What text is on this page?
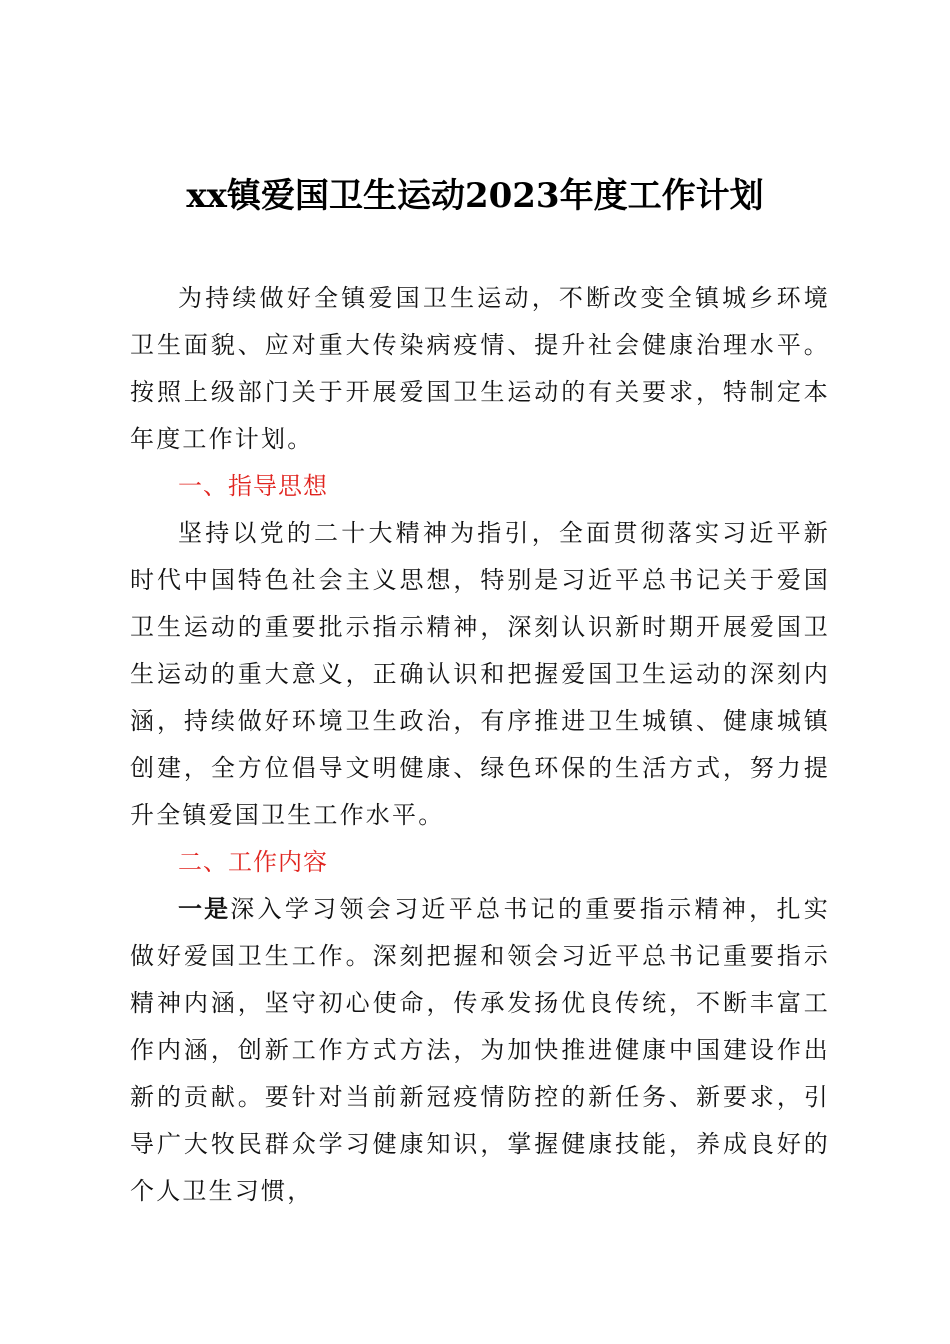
xx镇爱国卫生运动2023年度工作计划

为持续做好全镇爱国卫生运动，不断改变全镇城乡环境卫生面貌、应对重大传染病疫情、提升社会健康治理水平。按照上级部门关于开展爱国卫生运动的有关要求，特制定本年度工作计划。

一、指导思想

坚持以党的二十大精神为指引，全面贯彻落实习近平新时代中国特色社会主义思想，特别是习近平总书记关于爱国卫生运动的重要批示指示精神，深刻认识新时期开展爱国卫生运动的重大意义，正确认识和把握爱国卫生运动的深刻内涵，持续做好环境卫生政治，有序推进卫生城镇、健康城镇创建，全方位倡导文明健康、绿色环保的生活方式，努力提升全镇爱国卫生工作水平。

二、工作内容

一是深入学习领会习近平总书记的重要指示精神，扎实做好爱国卫生工作。深刻把握和领会习近平总书记重要指示精神内涵，坚守初心使命，传承发扬优良传统，不断丰富工作内涵，创新工作方式方法，为加快推进健康中国建设作出新的贡献。要针对当前新冠疫情防控的新任务、新要求，引导广大牧民群众学习健康知识，掌握健康技能，养成良好的个人卫生习惯，
